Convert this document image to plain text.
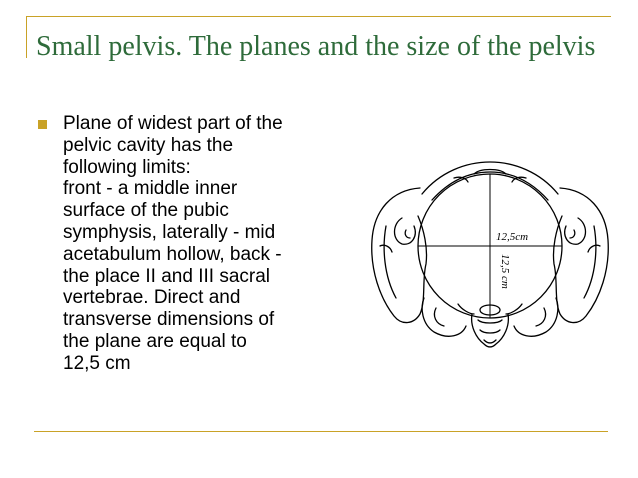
Small pelvis. The planes and the size of the pelvis

Plane of widest part of the
pelvic cavity has the
following limits:
front - a middle inner
surface of the pubic
symphysis, laterally - mid
acetabulum hollow, back -
the place II and III sacral
vertebrae. Direct and
transverse dimensions of
the plane are equal to
12,5 cm

12,5cm
12,5 cm
